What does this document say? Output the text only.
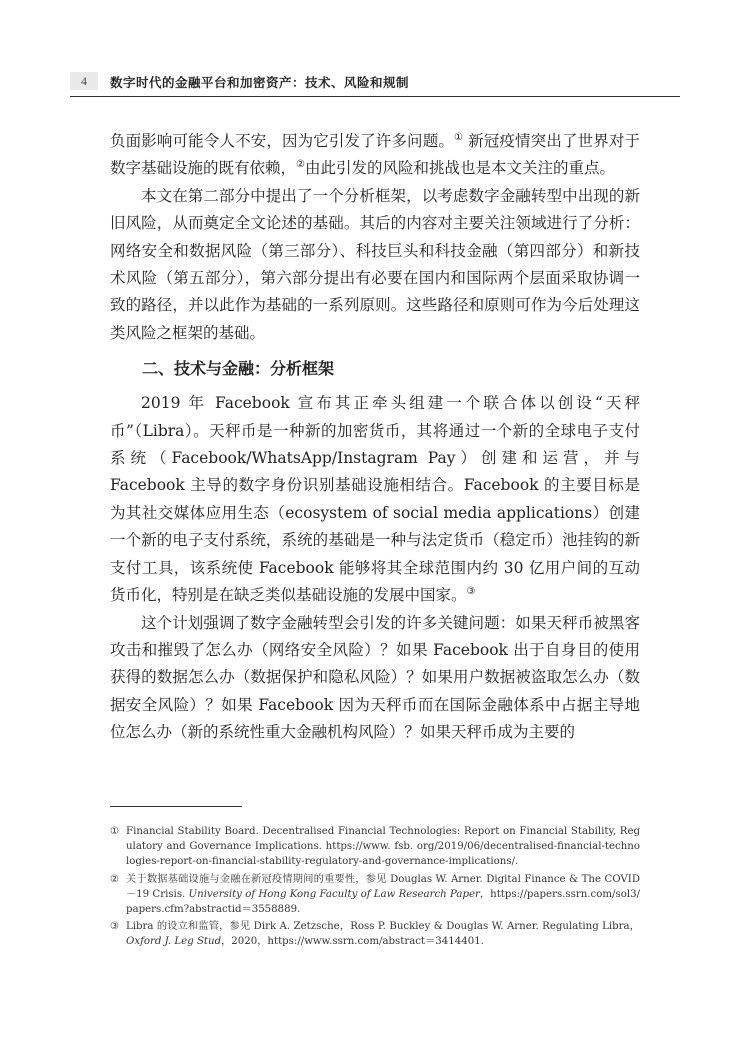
4	数字时代的金融平台和加密资产：技术、风险和规制

负面影响可能令人不安，因为它引发了许多问题。① 新冠疫情突出了世界对于数字基础设施的既有依赖，②由此引发的风险和挑战也是本文关注的重点。

本文在第二部分中提出了一个分析框架，以考虑数字金融转型中出现的新旧风险，从而奠定全文论述的基础。其后的内容对主要关注领域进行了分析：网络安全和数据风险（第三部分）、科技巨头和科技金融（第四部分）和新技术风险（第五部分），第六部分提出有必要在国内和国际两个层面采取协调一致的路径，并以此作为基础的一系列原则。这些路径和原则可作为今后处理这类风险之框架的基础。

二、技术与金融：分析框架

2019 年 Facebook 宣布其正牵头组建一个联合体以创设“天秤币”（Libra）。天秤币是一种新的加密货币，其将通过一个新的全球电子支付系统（Facebook/WhatsApp/Instagram Pay）创建和运营，并与 Facebook 主导的数字身份识别基础设施相结合。Facebook 的主要目标是为其社交媒体应用生态（ecosystem of social media applications）创建一个新的电子支付系统，系统的基础是一种与法定货币（稳定币）池挂钩的新支付工具，该系统使 Facebook 能够将其全球范围内约 30 亿用户间的互动货币化，特别是在缺乏类似基础设施的发展中国家。③

这个计划强调了数字金融转型会引发的许多关键问题：如果天秤币被黑客攻击和摧毁了怎么办（网络安全风险）？如果 Facebook 出于自身目的使用获得的数据怎么办（数据保护和隐私风险）？如果用户数据被盗取怎么办（数据安全风险）？如果 Facebook 因为天秤币而在国际金融体系中占据主导地位怎么办（新的系统性重大金融机构风险）？如果天秤币成为主要的

① Financial Stability Board. Decentralised Financial Technologies: Report on Financial Stability, Regulatory and Governance Implications. https://www. fsb. org/2019/06/decentralised-financial-technologies-report-on-financial-stability-regulatory-and-governance-implications/.
② 关于数据基础设施与金融在新冠疫情期间的重要性，参见 Douglas W. Arner. Digital Finance & The COVID－19 Crisis. University of Hong Kong Faculty of Law Research Paper，https://papers.ssrn.com/sol3/papers.cfm?abstractid＝3558889.
③ Libra 的设立和监管，参见 Dirk A. Zetzsche，Ross P. Buckley & Douglas W. Arner. Regulating Libra，Oxford J. Leg Stud，2020，https://www.ssrn.com/abstract＝3414401.
